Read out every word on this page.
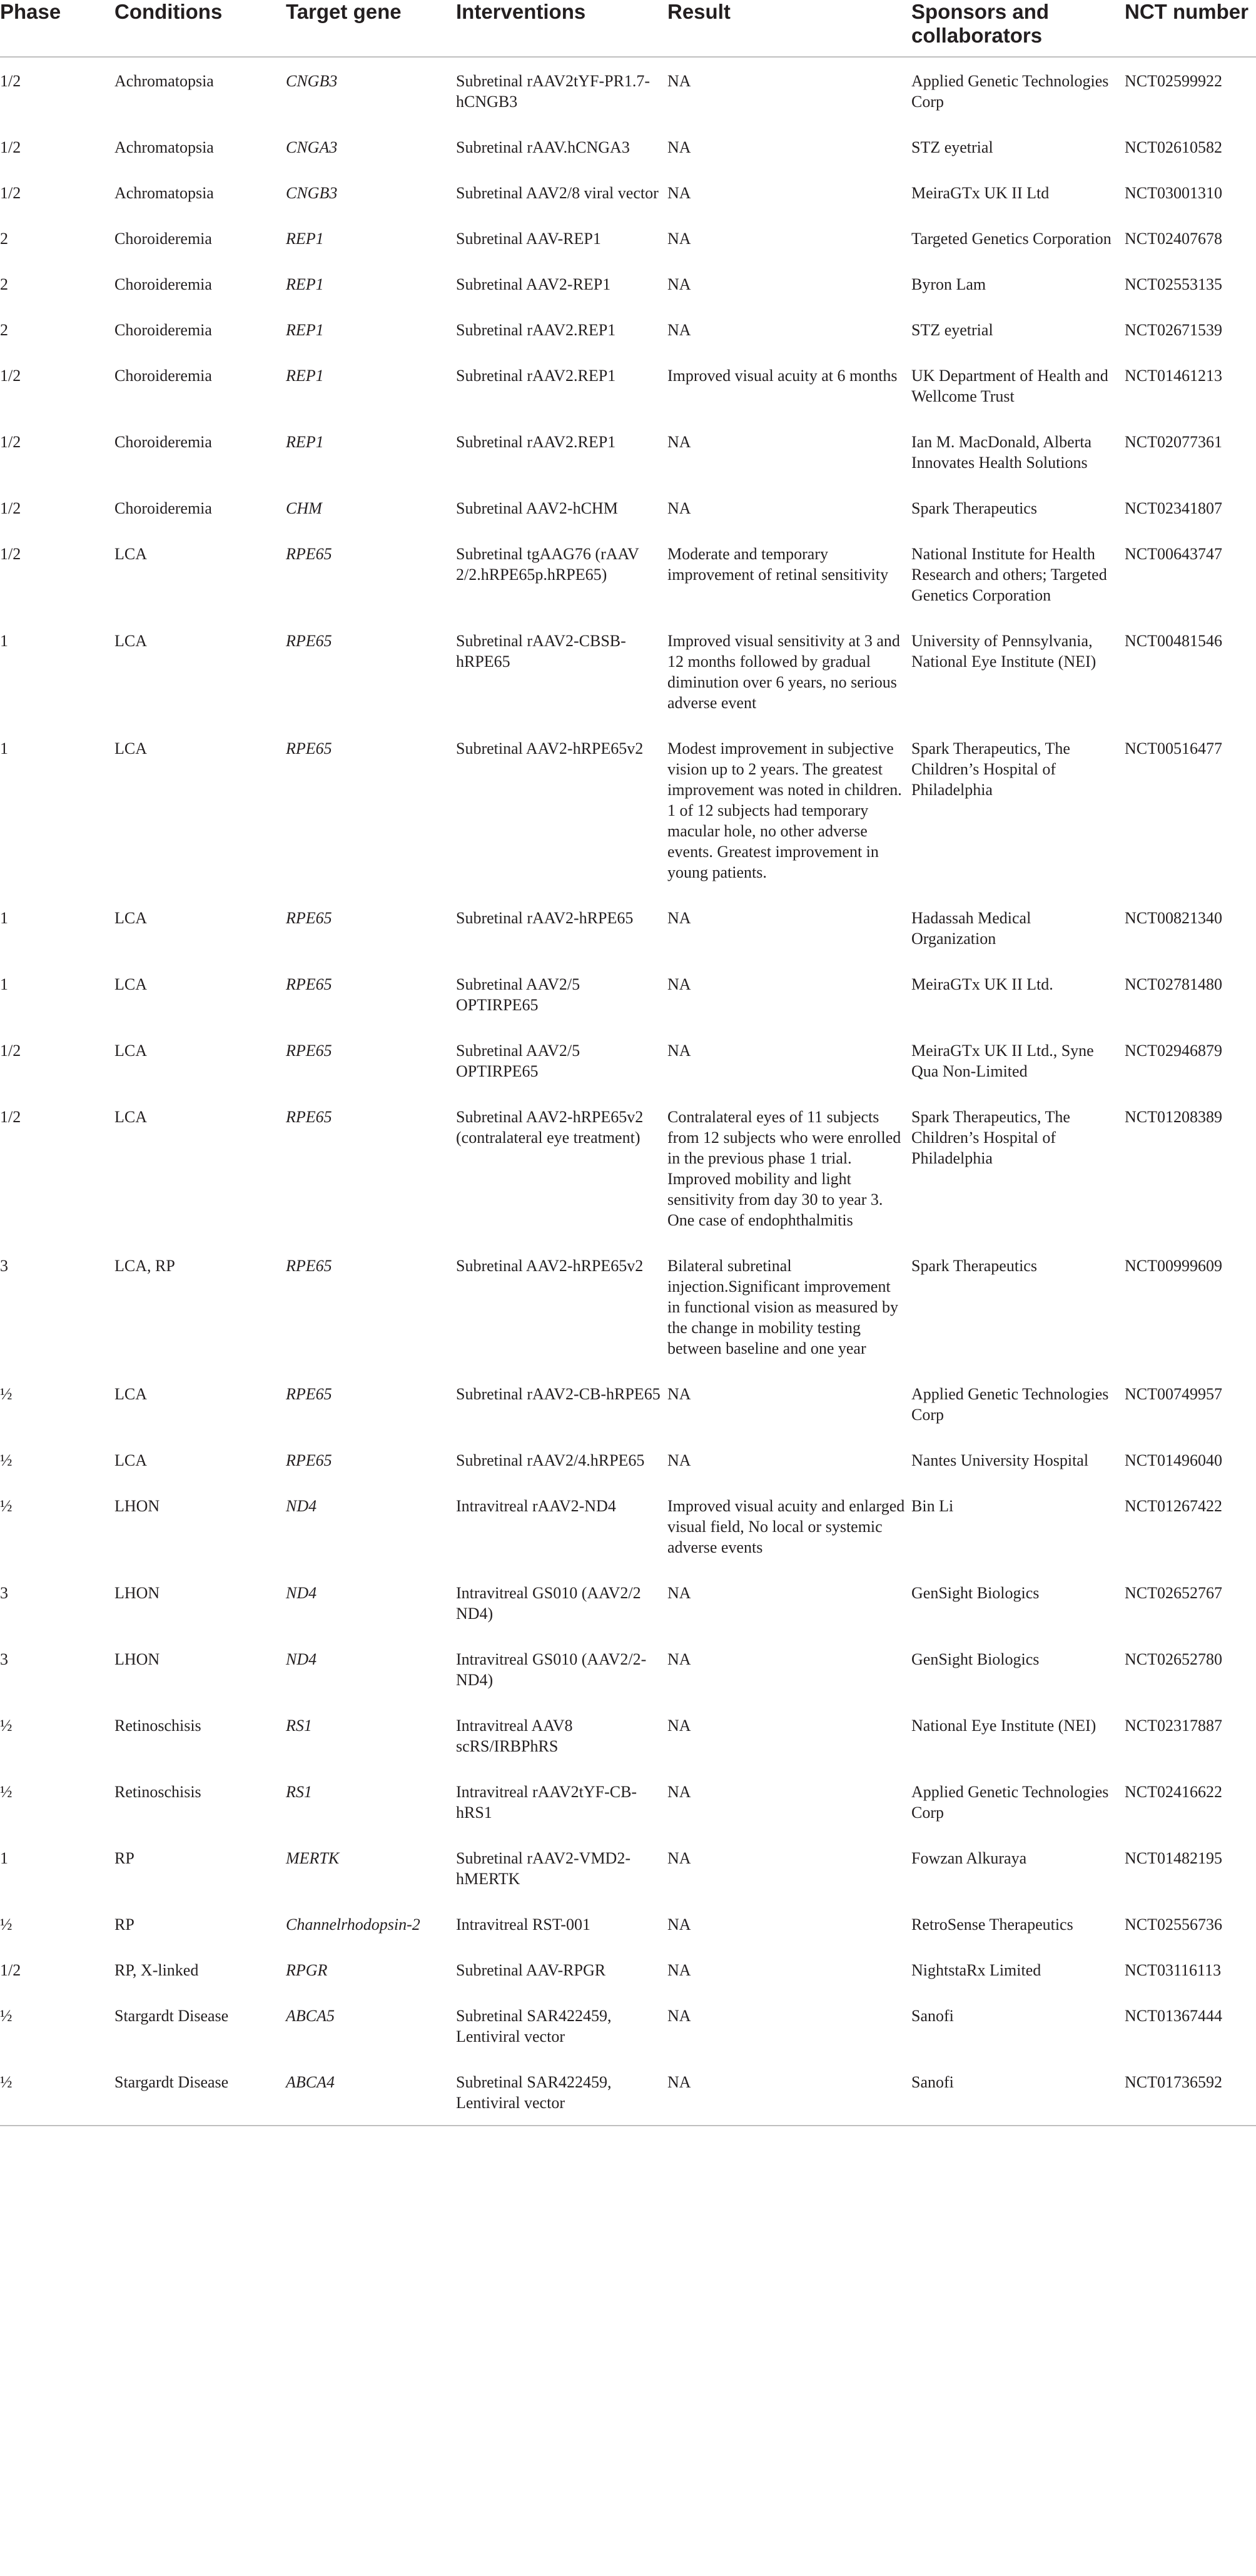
Phase	Conditions	Target gene	Interventions	Result	Sponsors and collaborators	NCT number
1/2	Achromatopsia	CNGB3	Subretinal rAAV2tYF-PR1.7-hCNGB3	NA	Applied Genetic Technologies Corp	NCT02599922
1/2	Achromatopsia	CNGA3	Subretinal rAAV.hCNGA3	NA	STZ eyetrial	NCT02610582
1/2	Achromatopsia	CNGB3	Subretinal AAV2/8 viral vector	NA	MeiraGTx UK II Ltd	NCT03001310
2	Choroideremia	REP1	Subretinal AAV-REP1	NA	Targeted Genetics Corporation	NCT02407678
2	Choroideremia	REP1	Subretinal AAV2-REP1	NA	Byron Lam	NCT02553135
2	Choroideremia	REP1	Subretinal rAAV2.REP1	NA	STZ eyetrial	NCT02671539
1/2	Choroideremia	REP1	Subretinal rAAV2.REP1	Improved visual acuity at 6 months	UK Department of Health and Wellcome Trust	NCT01461213
1/2	Choroideremia	REP1	Subretinal rAAV2.REP1	NA	Ian M. MacDonald, Alberta Innovates Health Solutions	NCT02077361
1/2	Choroideremia	CHM	Subretinal AAV2-hCHM	NA	Spark Therapeutics	NCT02341807
1/2	LCA	RPE65	Subretinal tgAAG76 (rAAV 2/2.hRPE65p.hRPE65)	Moderate and temporary improvement of retinal sensitivity	National Institute for Health Research and others; Targeted Genetics Corporation	NCT00643747
1	LCA	RPE65	Subretinal rAAV2-CBSB-hRPE65	Improved visual sensitivity at 3 and 12 months followed by gradual diminution over 6 years, no serious adverse event	University of Pennsylvania, National Eye Institute (NEI)	NCT00481546
1	LCA	RPE65	Subretinal AAV2-hRPE65v2	Modest improvement in subjective vision up to 2 years. The greatest improvement was noted in children. 1 of 12 subjects had temporary macular hole, no other adverse events. Greatest improvement in young patients.	Spark Therapeutics, The Children’s Hospital of Philadelphia	NCT00516477
1	LCA	RPE65	Subretinal rAAV2-hRPE65	NA	Hadassah Medical Organization	NCT00821340
1	LCA	RPE65	Subretinal AAV2/5 OPTIRPE65	NA	MeiraGTx UK II Ltd.	NCT02781480
1/2	LCA	RPE65	Subretinal AAV2/5 OPTIRPE65	NA	MeiraGTx UK II Ltd., Syne Qua Non-Limited	NCT02946879
1/2	LCA	RPE65	Subretinal AAV2-hRPE65v2 (contralateral eye treatment)	Contralateral eyes of 11 subjects from 12 subjects who were enrolled in the previous phase 1 trial. Improved mobility and light sensitivity from day 30 to year 3. One case of endophthalmitis	Spark Therapeutics, The Children’s Hospital of Philadelphia	NCT01208389
3	LCA, RP	RPE65	Subretinal AAV2-hRPE65v2	Bilateral subretinal injection.Significant improvement in functional vision as measured by the change in mobility testing between baseline and one year	Spark Therapeutics	NCT00999609
½	LCA	RPE65	Subretinal rAAV2-CB-hRPE65	NA	Applied Genetic Technologies Corp	NCT00749957
½	LCA	RPE65	Subretinal rAAV2/4.hRPE65	NA	Nantes University Hospital	NCT01496040
½	LHON	ND4	Intravitreal rAAV2-ND4	Improved visual acuity and enlarged visual field, No local or systemic adverse events	Bin Li	NCT01267422
3	LHON	ND4	Intravitreal GS010 (AAV2/2 ND4)	NA	GenSight Biologics	NCT02652767
3	LHON	ND4	Intravitreal GS010 (AAV2/2-ND4)	NA	GenSight Biologics	NCT02652780
½	Retinoschisis	RS1	Intravitreal AAV8 scRS/IRBPhRS	NA	National Eye Institute (NEI)	NCT02317887
½	Retinoschisis	RS1	Intravitreal rAAV2tYF-CB-hRS1	NA	Applied Genetic Technologies Corp	NCT02416622
1	RP	MERTK	Subretinal rAAV2-VMD2-hMERTK	NA	Fowzan Alkuraya	NCT01482195
½	RP	Channelrhodopsin-2	Intravitreal RST-001	NA	RetroSense Therapeutics	NCT02556736
1/2	RP, X-linked	RPGR	Subretinal AAV-RPGR	NA	NightstaRx Limited	NCT03116113
½	Stargardt Disease	ABCA5	Subretinal SAR422459, Lentiviral vector	NA	Sanofi	NCT01367444
½	Stargardt Disease	ABCA4	Subretinal SAR422459, Lentiviral vector	NA	Sanofi	NCT01736592
